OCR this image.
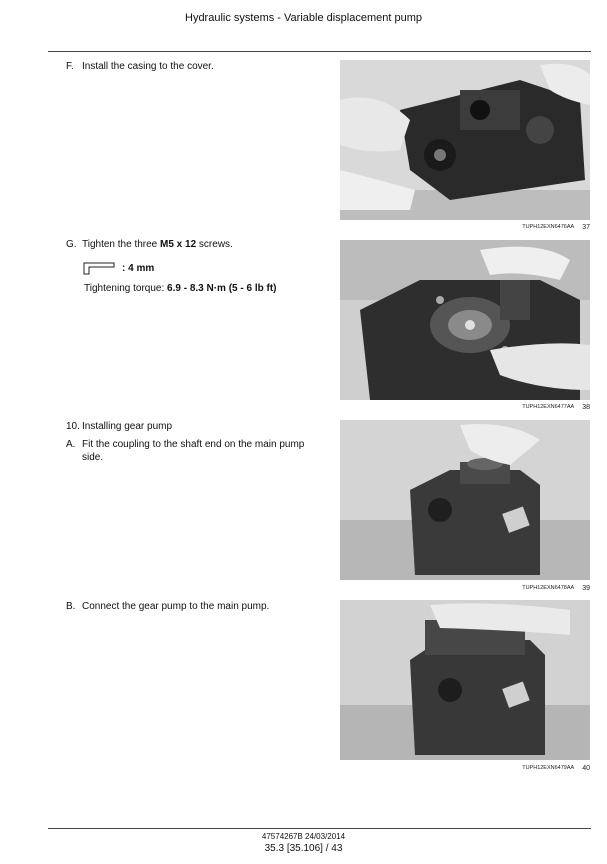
Hydraulic systems - Variable displacement pump
F. Install the casing to the cover.
TUPH12EXN6476AA 37
G. Tighten the three M5 x 12 screws.
: 4 mm
Tightening torque: 6.9 - 8.3 N·m (5 - 6 lb ft)
TUPH12EXN6477AA 38
10. Installing gear pump
A. Fit the coupling to the shaft end on the main pump
side.
TUPH12EXN6478AA 39
B. Connect the gear pump to the main pump.
TUPH12EXN6479AA 40
47574267B 24/03/2014
35.3 [35.106] / 43
